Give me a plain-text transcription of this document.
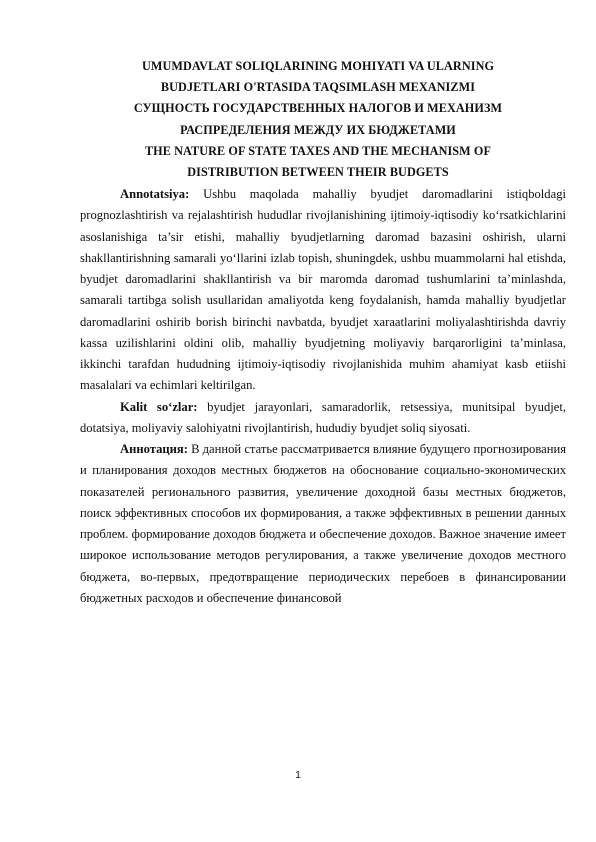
UMUMDAVLAT SOLIQLARINING MOHIYATI VA ULARNING
BUDJETLARI O'RTASIDA TAQSIMLASH MEXANIZMI
СУЩНОСТЬ ГОСУДАРСТВЕННЫХ НАЛОГОВ И МЕХАНИЗМ
РАСПРЕДЕЛЕНИЯ МЕЖДУ ИХ БЮДЖЕТАМИ
THE NATURE OF STATE TAXES AND THE MECHANISM OF
DISTRIBUTION BETWEEN THEIR BUDGETS

Annotatsiya: Ushbu maqolada mahalliy byudjet daromadlarini istiqboldagi prognozlashtirish va rejalashtirish hududlar rivojlanishining ijtimoiy-iqtisodiy ko‘rsatkichlarini asoslanishiga ta’sir etishi, mahalliy byudjetlarning daromad bazasini oshirish, ularni shakllantirishning samarali yo‘llarini izlab topish, shuningdek, ushbu muammolarni hal etishda, byudjet daromadlarini shakllantirish va bir maromda daromad tushumlarini ta’minlashda, samarali tartibga solish usullaridan amaliyotda keng foydalanish, hamda mahalliy byudjetlar daromadlarini oshirib borish birinchi navbatda, byudjet xaraatlarini moliyalashtirishda davriy kassa uzilishlarini oldini olib, mahalliy byudjetning moliyaviy barqarorligini ta’minlasa, ikkinchi tarafdan hududning ijtimoiy-iqtisodiy rivojlanishida muhim ahamiyat kasb etiishi masalalari va echimlari keltirilgan.

Kalit so‘zlar: byudjet jarayonlari, samaradorlik, retsessiya, munitsipal byudjet, dotatsiya, moliyaviy salohiyatni rivojlantirish, hududiy byudjet soliq siyosati.

Аннотация: В данной статье рассматривается влияние будущего прогнозирования и планирования доходов местных бюджетов на обоснование социально-экономических показателей регионального развития, увеличение доходной базы местных бюджетов, поиск эффективных способов их формирования, а также эффективных в решении данных проблем. формирование доходов бюджета и обеспечение доходов. Важное значение имеет широкое использование методов регулирования, а также увеличение доходов местного бюджета, во-первых, предотвращение периодических перебоев в финансировании бюджетных расходов и обеспечение финансовой

1
